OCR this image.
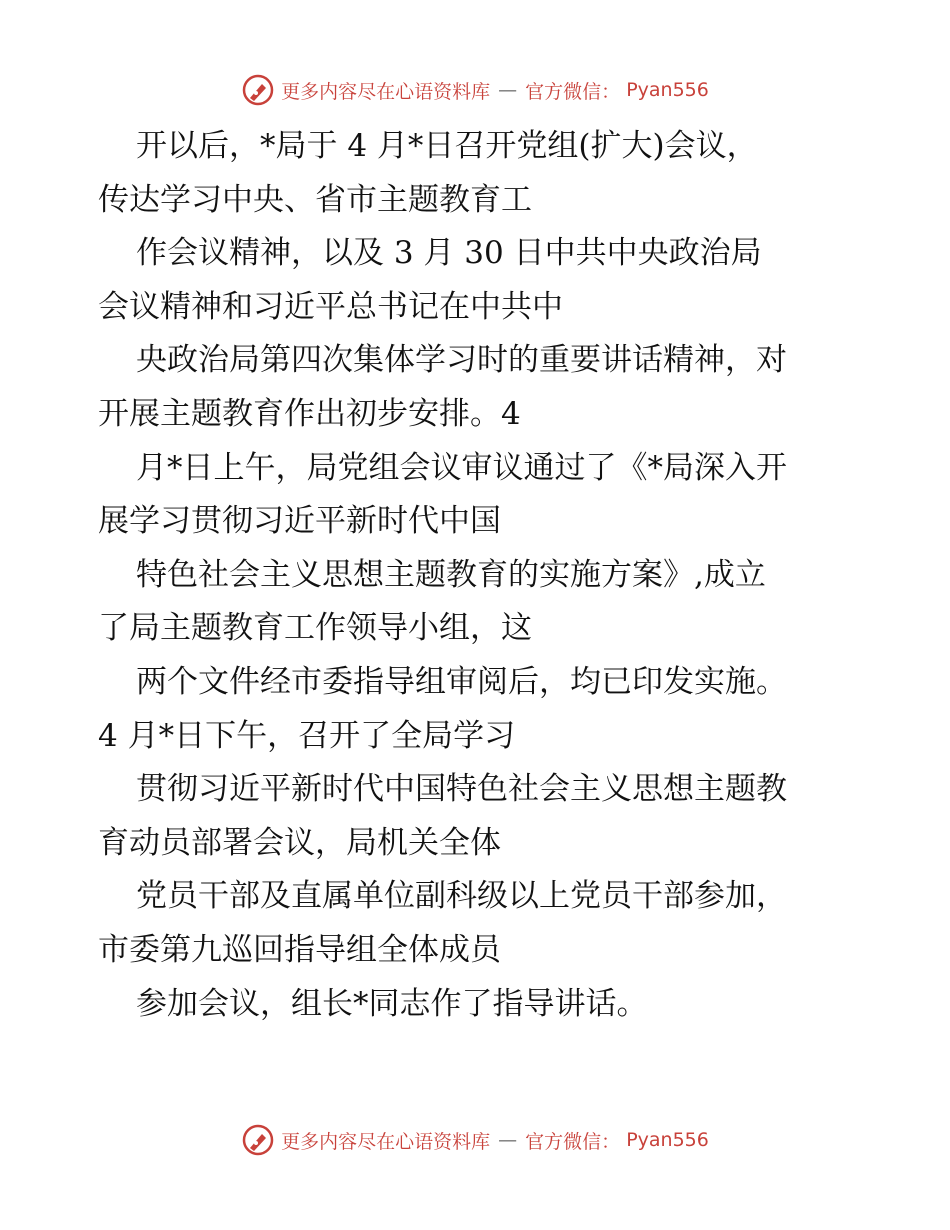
更多内容尽在心语资料库 — 官方微信： Pyan556
开以后，*局于 4 月*日召开党组(扩大)会议，
传达学习中央、省市主题教育工
作会议精神，以及 3 月 30 日中共中央政治局
会议精神和习近平总书记在中共中
央政治局第四次集体学习时的重要讲话精神，对
开展主题教育作出初步安排。4
月*日上午，局党组会议审议通过了《*局深入开
展学习贯彻习近平新时代中国
特色社会主义思想主题教育的实施方案》,成立
了局主题教育工作领导小组，这
两个文件经市委指导组审阅后，均已印发实施。
4 月*日下午，召开了全局学习
贯彻习近平新时代中国特色社会主义思想主题教
育动员部署会议，局机关全体
党员干部及直属单位副科级以上党员干部参加，
市委第九巡回指导组全体成员
参加会议，组长*同志作了指导讲话。
更多内容尽在心语资料库 — 官方微信： Pyan556
